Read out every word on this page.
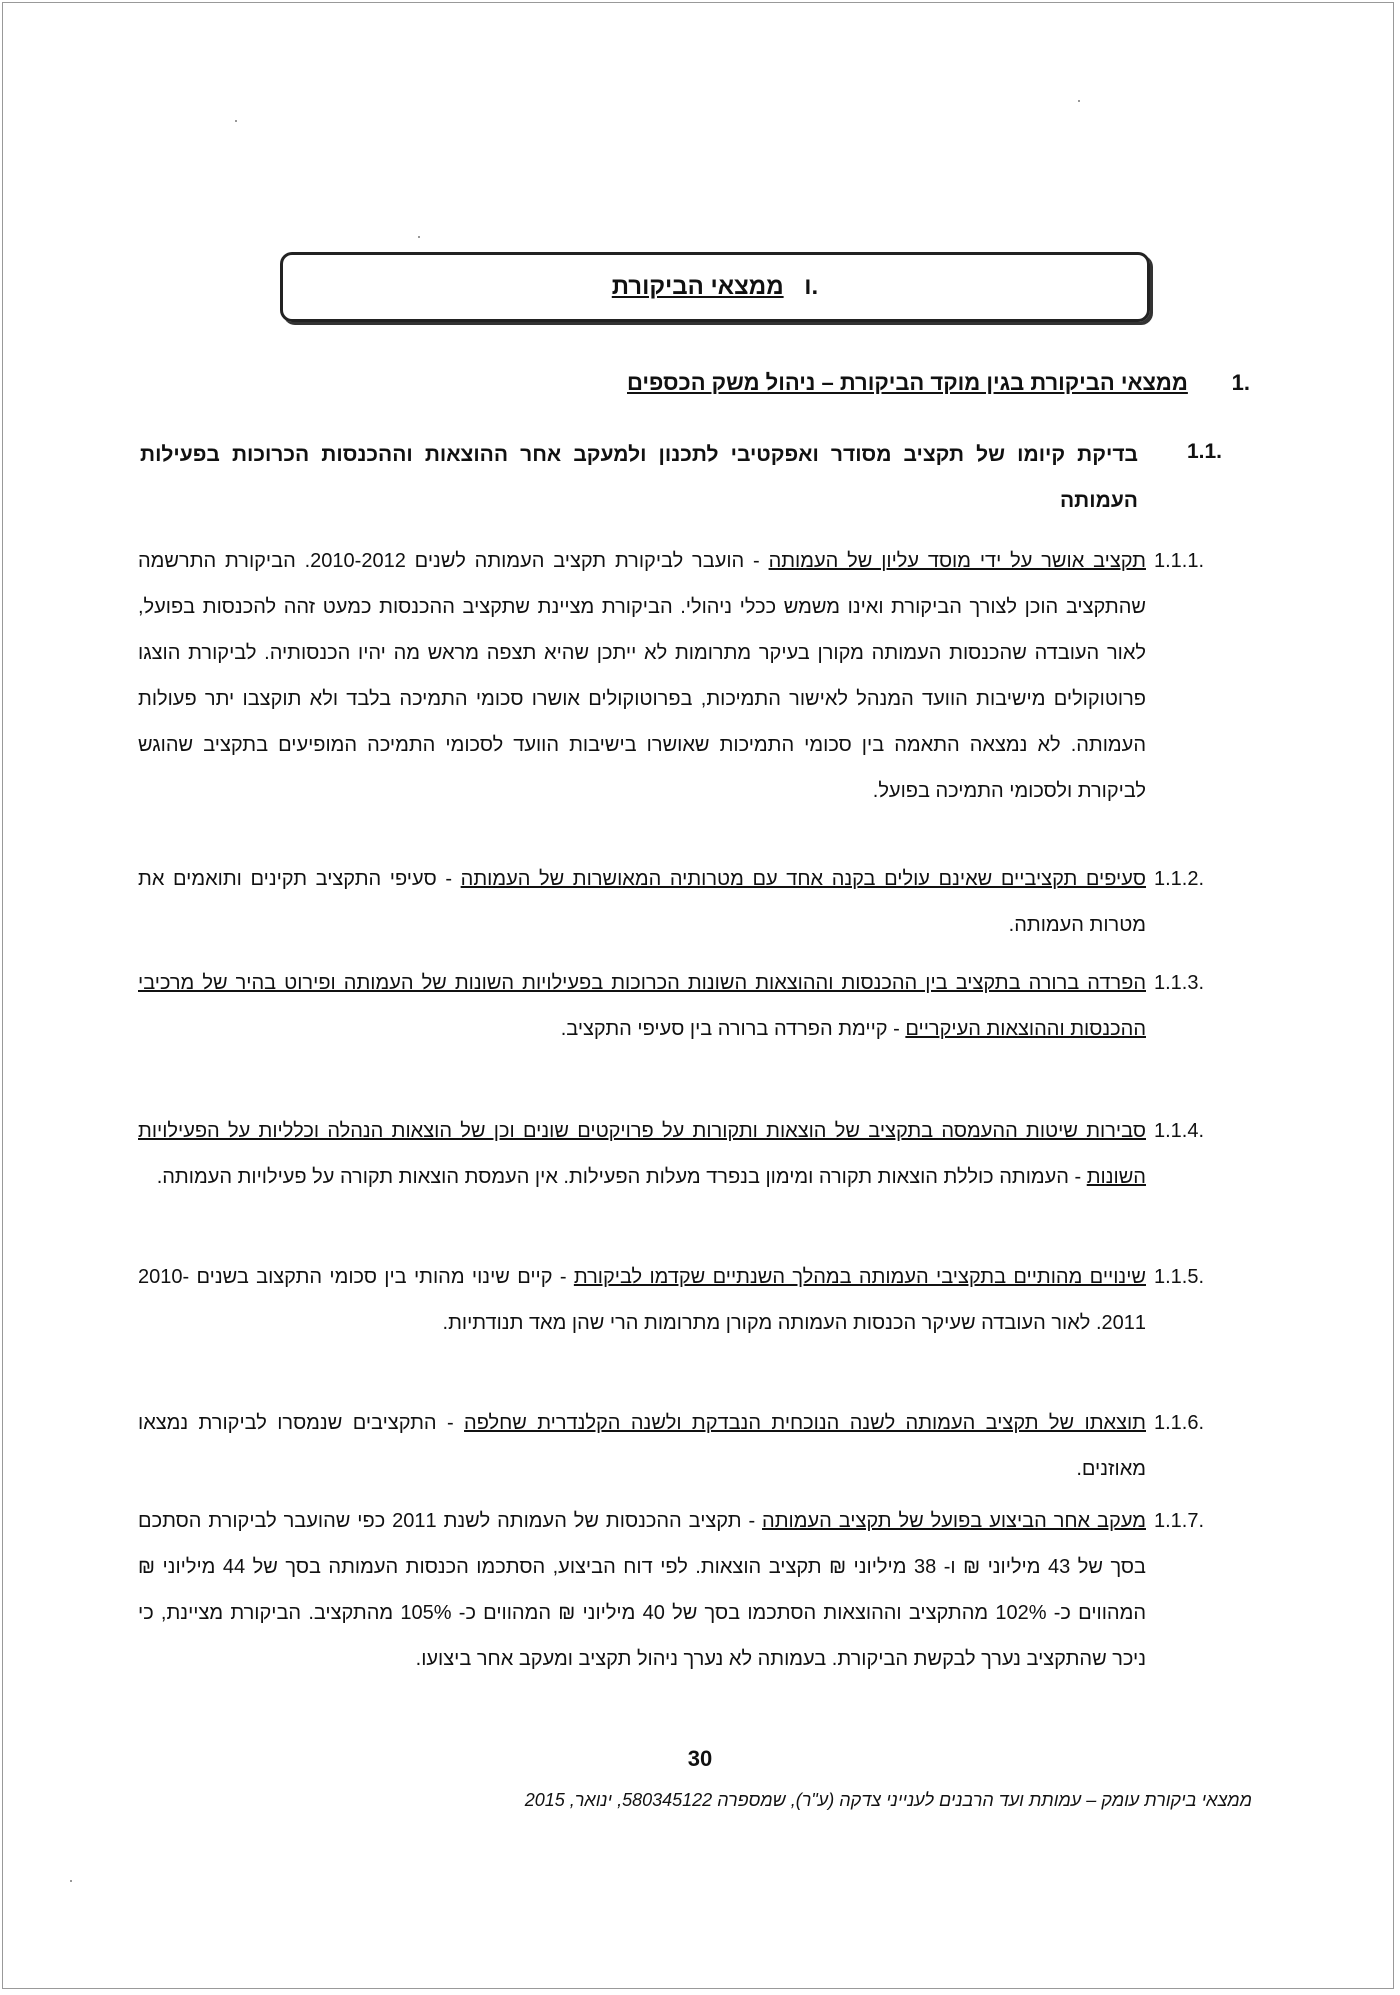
.ו ממצאי הביקורת
.1 ממצאי הביקורת בגין מוקד הביקורת – ניהול משק הכספים
1.1.
בדיקת קיומו של תקציב מסודר ואפקטיבי לתכנון ולמעקב אחר ההוצאות וההכנסות הכרוכות בפעילות העמותה
1.1.1.
תקציב אושר על ידי מוסד עליון של העמותה - הועבר לביקורת תקציב העמותה לשנים 2010-2012. הביקורת התרשמה שהתקציב הוכן לצורך הביקורת ואינו משמש ככלי ניהולי. הביקורת מציינת שתקציב ההכנסות כמעט זהה להכנסות בפועל, לאור העובדה שהכנסות העמותה מקורן בעיקר מתרומות לא ייתכן שהיא תצפה מראש מה יהיו הכנסותיה. לביקורת הוצגו פרוטוקולים מישיבות הוועד המנהל לאישור התמיכות, בפרוטוקולים אושרו סכומי התמיכה בלבד ולא תוקצבו יתר פעולות העמותה. לא נמצאה התאמה בין סכומי התמיכות שאושרו בישיבות הוועד לסכומי התמיכה המופיעים בתקציב שהוגש לביקורת ולסכומי התמיכה בפועל.
1.1.2.
סעיפים תקציביים שאינם עולים בקנה אחד עם מטרותיה המאושרות של העמותה - סעיפי התקציב תקינים ותואמים את מטרות העמותה.
1.1.3.
הפרדה ברורה בתקציב בין ההכנסות וההוצאות השונות הכרוכות בפעילויות השונות של העמותה ופירוט בהיר של מרכיבי ההכנסות וההוצאות העיקריים - קיימת הפרדה ברורה בין סעיפי התקציב.
1.1.4.
סבירות שיטות ההעמסה בתקציב של הוצאות ותקורות על פרויקטים שונים וכן של הוצאות הנהלה וכלליות על הפעילויות השונות - העמותה כוללת הוצאות תקורה ומימון בנפרד מעלות הפעילות. אין העמסת הוצאות תקורה על פעילויות העמותה.
1.1.5.
שינויים מהותיים בתקציבי העמותה במהלך השנתיים שקדמו לביקורת - קיים שינוי מהותי בין סכומי התקצוב בשנים 2010-2011. לאור העובדה שעיקר הכנסות העמותה מקורן מתרומות הרי שהן מאד תנודתיות.
1.1.6.
תוצאתו של תקציב העמותה לשנה הנוכחית הנבדקת ולשנה הקלנדרית שחלפה - התקציבים שנמסרו לביקורת נמצאו מאוזנים.
1.1.7.
מעקב אחר הביצוע בפועל של תקציב העמותה - תקציב ההכנסות של העמותה לשנת 2011 כפי שהועבר לביקורת הסתכם בסך של 43 מיליוני ₪ ו- 38 מיליוני ₪ תקציב הוצאות. לפי דוח הביצוע, הסתכמו הכנסות העמותה בסך של 44 מיליוני ₪ המהווים כ- 102% מהתקציב וההוצאות הסתכמו בסך של 40 מיליוני ₪ המהווים כ- 105% מהתקציב. הביקורת מציינת, כי ניכר שהתקציב נערך לבקשת הביקורת. בעמותה לא נערך ניהול תקציב ומעקב אחר ביצועו.
30
ממצאי ביקורת עומק – עמותת ועד הרבנים לענייני צדקה (ע"ר), שמספרה 580345122, ינואר, 2015
